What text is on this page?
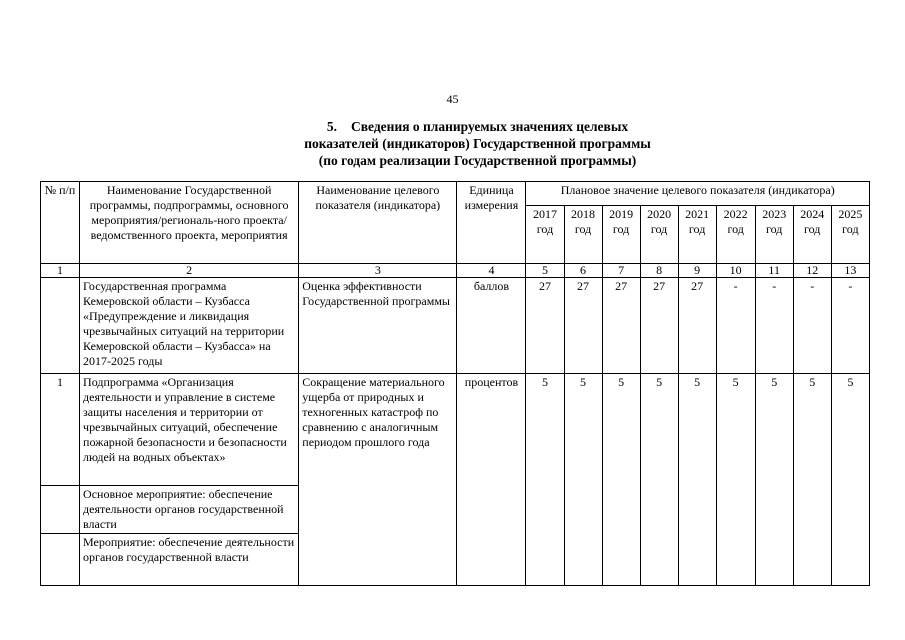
45
5. Сведения о планируемых значениях целевых
показателей (индикаторов) Государственной программы
(по годам реализации Государственной программы)
№ п/п	Наименование Государственной программы, подпрограммы, основного мероприятия/региональ-ного проекта/ведомственного проекта, мероприятия	Наименование целевого показателя (индикатора)	Единица измерения	Плановое значение целевого показателя (индикатора)								
				2017 год	2018 год	2019 год	2020 год	2021 год	2022 год	2023 год	2024 год	2025 год
1	2	3	4	5	6	7	8	9	10	11	12	13
	Государственная программа Кемеровской области – Кузбасса «Предупреждение и ликвидация чрезвычайных ситуаций на территории Кемеровской области – Кузбасса» на 2017-2025 годы	Оценка эффективности Государственной программы	баллов	27	27	27	27	27	-	-	-	-
1	Подпрограмма «Организация деятельности и управление в системе защиты населения и территории от чрезвычайных ситуаций, обеспечение пожарной безопасности и безопасности людей на водных объектах»	Сокращение материального ущерба от природных и техногенных катастроф по сравнению с аналогичным периодом прошлого года	процентов	5	5	5	5	5	5	5	5	5
	Основное мероприятие: обеспечение деятельности органов государственной власти											
	Мероприятие: обеспечение деятельности органов государственной власти											
